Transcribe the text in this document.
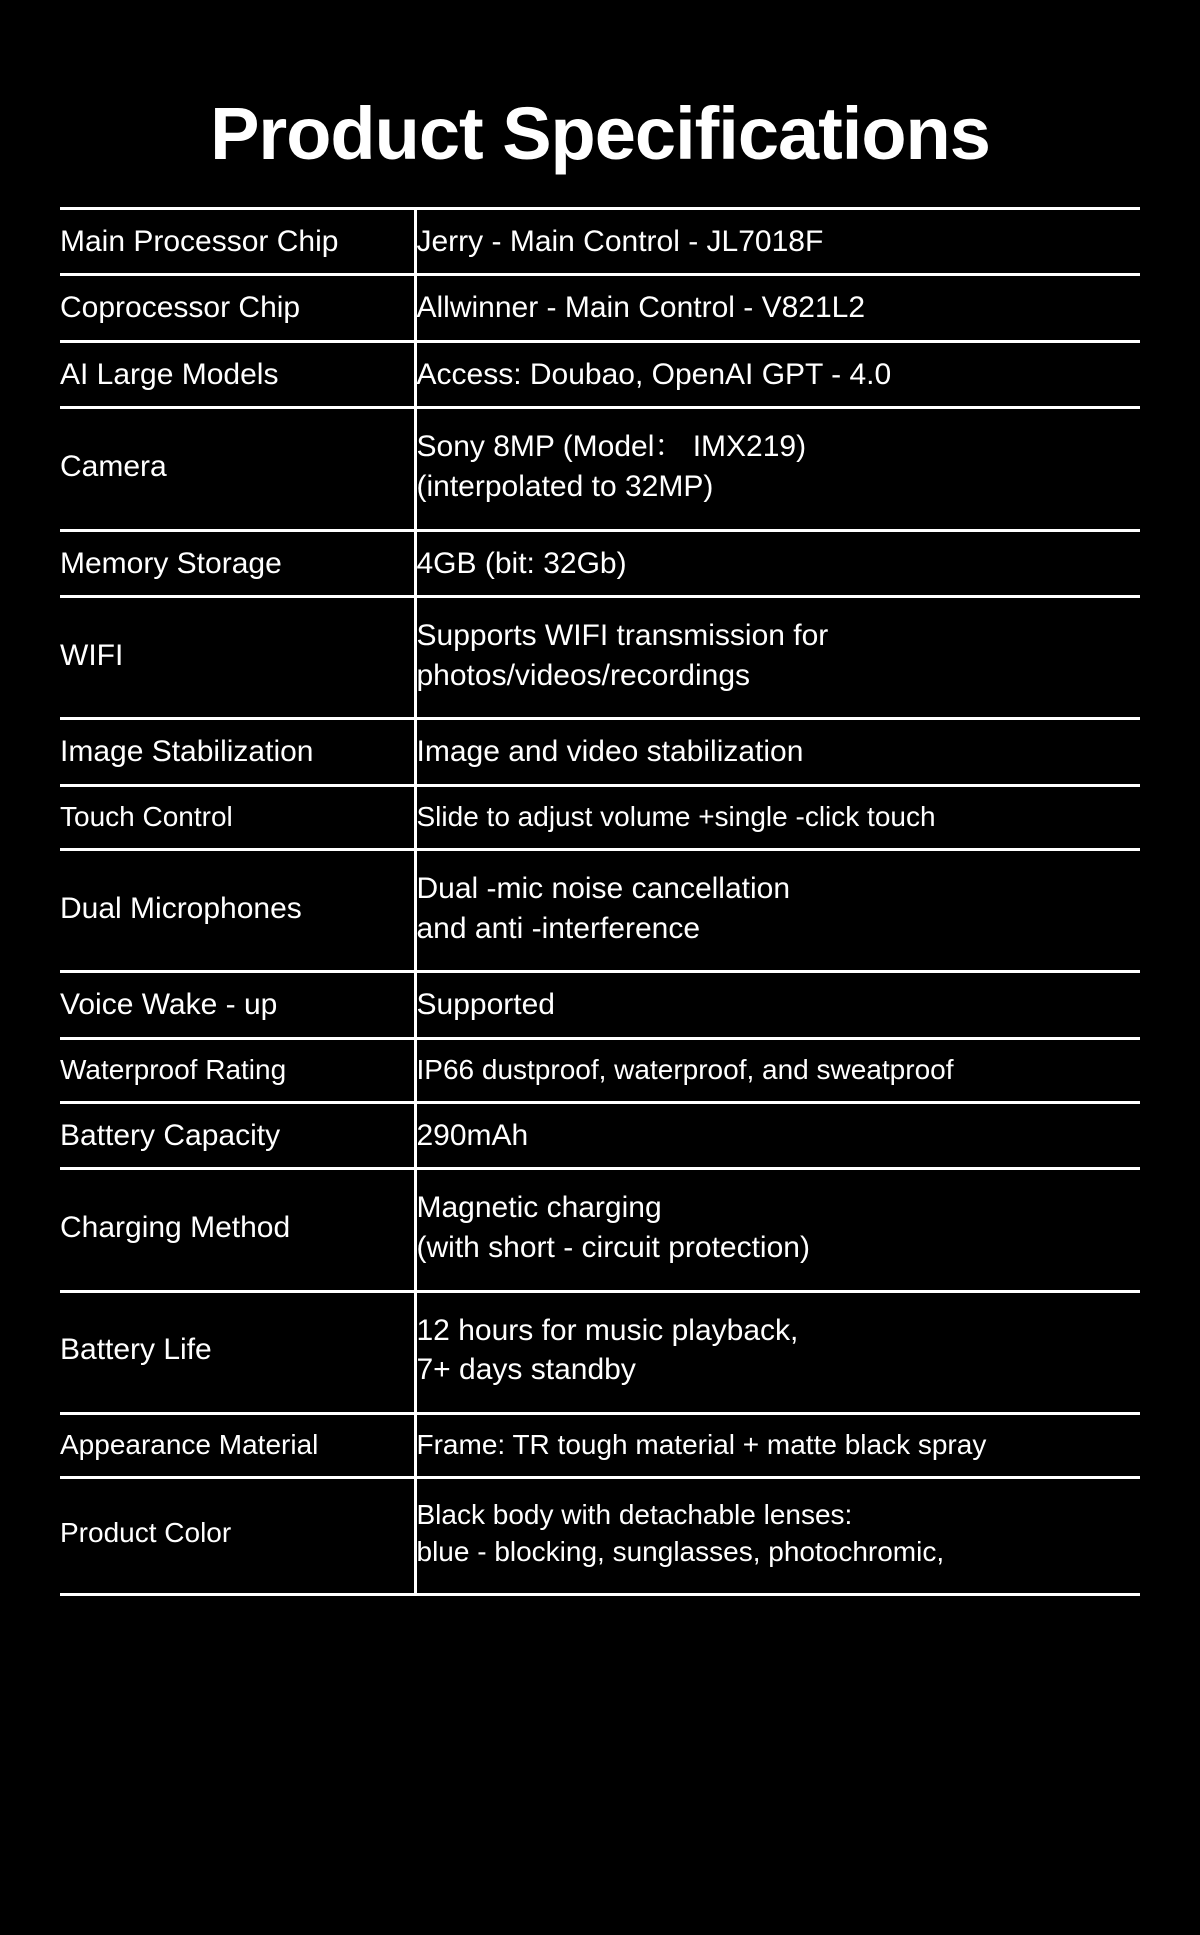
Product Specifications
Main Processor Chip	Jerry - Main Control - JL7018F

Coprocessor Chip	Allwinner - Main Control - V821L2

AI Large Models	Access: Doubao, OpenAI GPT - 4.0

Camera	Sony 8MP (Model： IMX219)
(interpolated to 32MP)

Memory Storage	4GB (bit: 32Gb)

WIFI	Supports WIFI transmission for
photos/videos/recordings

Image Stabilization	Image and video stabilization

Touch Control	Slide to adjust volume +single -click touch

Dual Microphones	Dual -mic noise cancellation
and anti -interference

Voice Wake - up	Supported

Waterproof Rating	IP66 dustproof, waterproof, and sweatproof

Battery Capacity	290mAh

Charging Method	Magnetic charging
(with short - circuit protection)

Battery Life	12 hours for music playback,
7+ days standby

Appearance Material	Frame: TR tough material + matte black spray

Product Color	Black body with detachable lenses:
blue - blocking, sunglasses, photochromic,
